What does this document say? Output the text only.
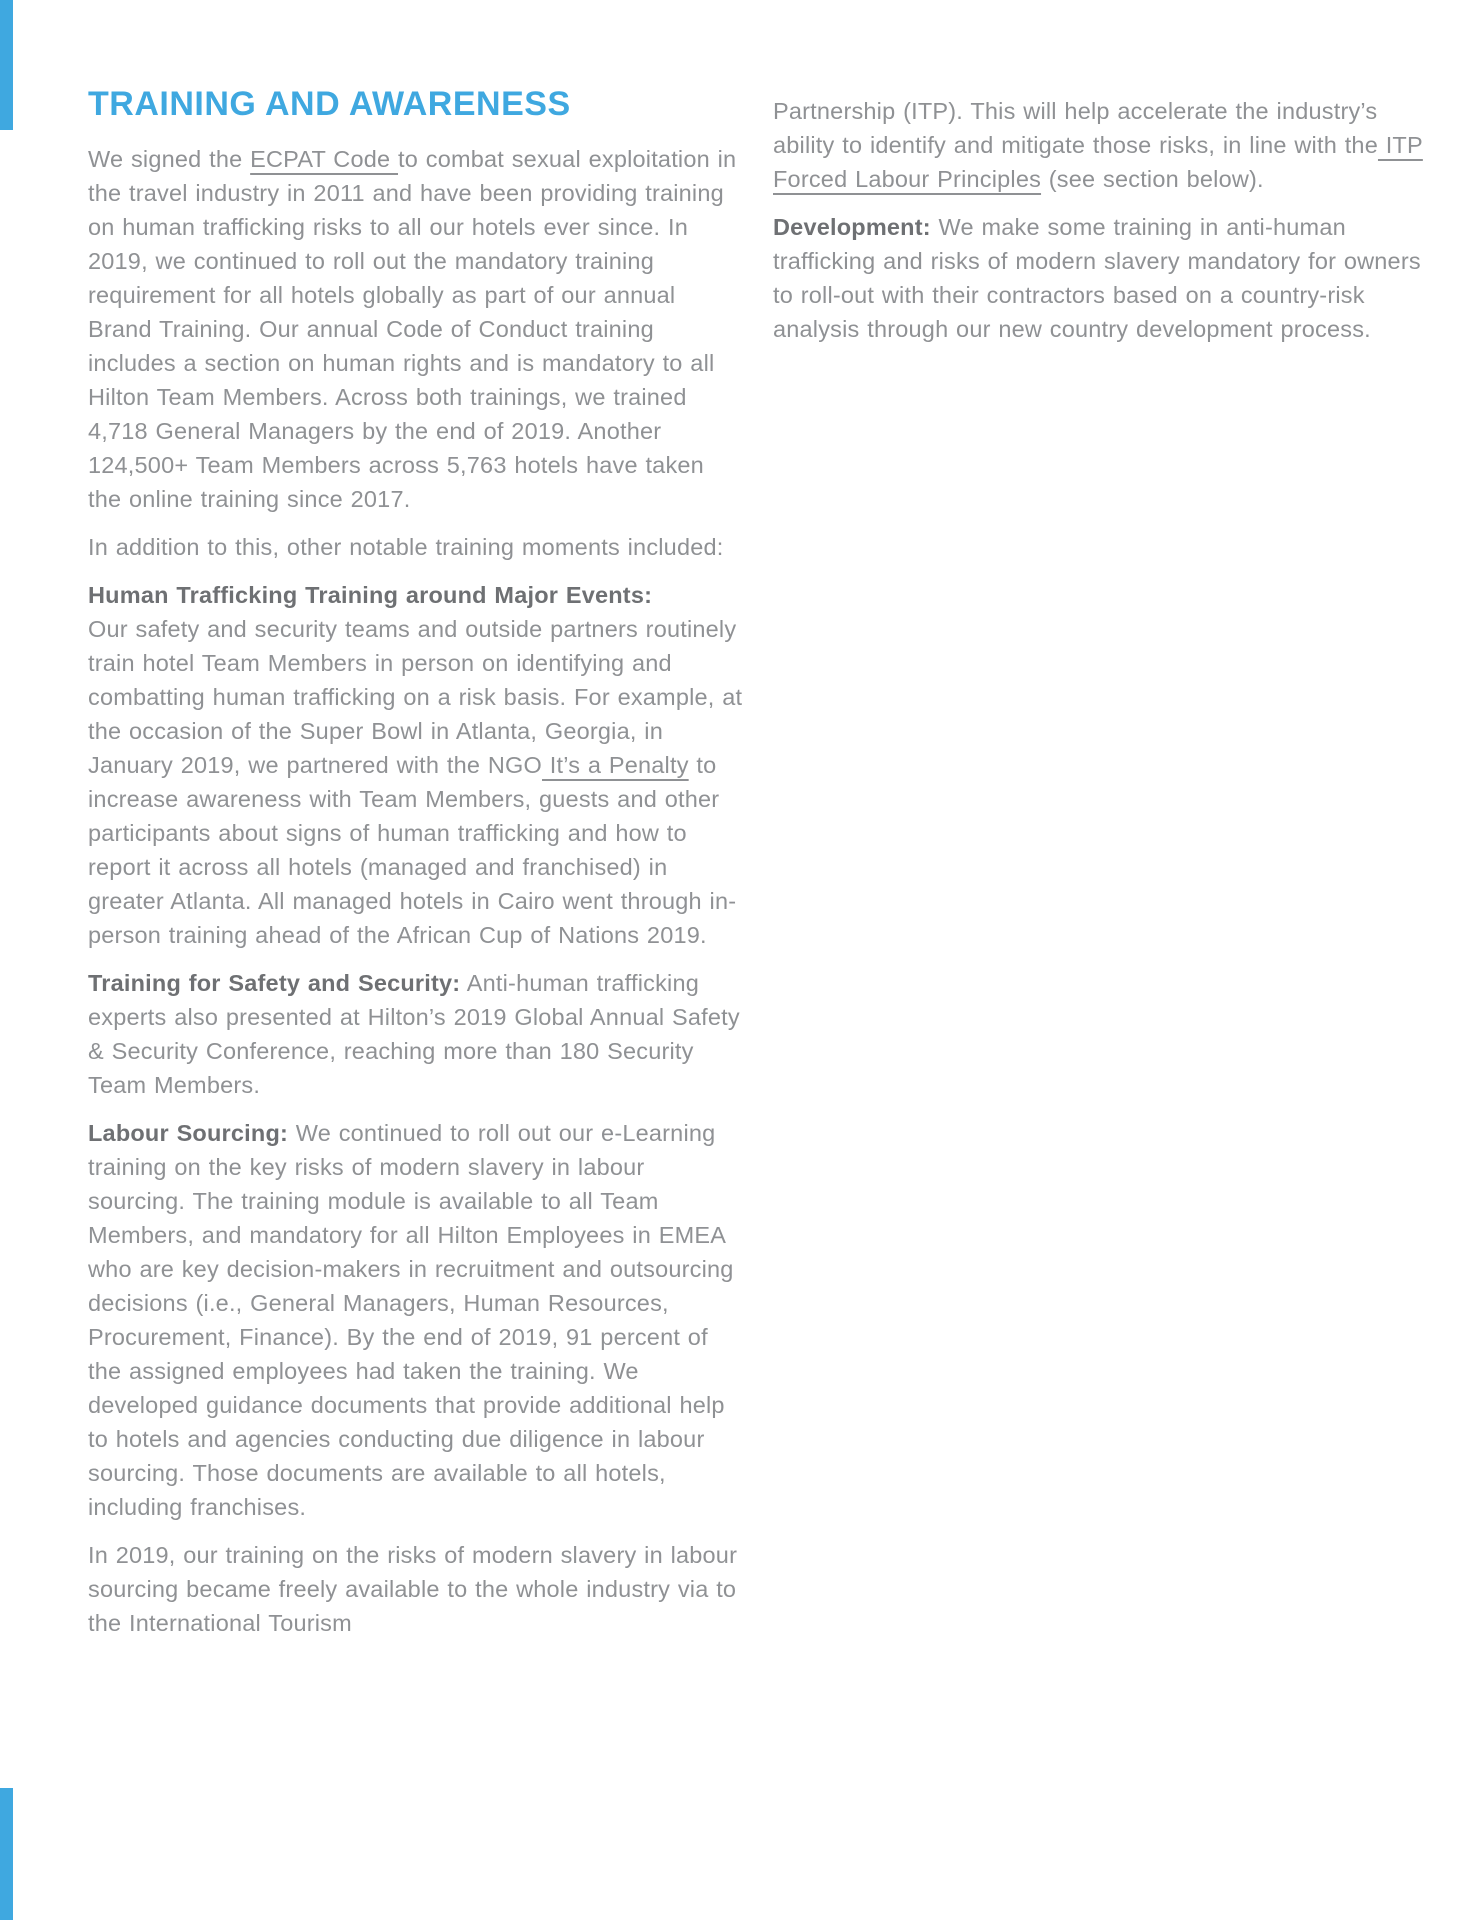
TRAINING AND AWARENESS

We signed the ECPAT Code to combat sexual exploitation in the travel industry in 2011 and have been providing training on human trafficking risks to all our hotels ever since. In 2019, we continued to roll out the mandatory training requirement for all hotels globally as part of our annual Brand Training. Our annual Code of Conduct training includes a section on human rights and is mandatory to all Hilton Team Members. Across both trainings, we trained 4,718 General Managers by the end of 2019. Another 124,500+ Team Members across 5,763 hotels have taken the online training since 2017.

In addition to this, other notable training moments included:

Human Trafficking Training around Major Events:
Our safety and security teams and outside partners routinely train hotel Team Members in person on identifying and combatting human trafficking on a risk basis. For example, at the occasion of the Super Bowl in Atlanta, Georgia, in January 2019, we partnered with the NGO It’s a Penalty to increase awareness with Team Members, guests and other participants about signs of human trafficking and how to report it across all hotels (managed and franchised) in greater Atlanta. All managed hotels in Cairo went through in-person training ahead of the African Cup of Nations 2019.

Training for Safety and Security: Anti-human trafficking experts also presented at Hilton’s 2019 Global Annual Safety & Security Conference, reaching more than 180 Security Team Members.

Labour Sourcing: We continued to roll out our e-Learning training on the key risks of modern slavery in labour sourcing. The training module is available to all Team Members, and mandatory for all Hilton Employees in EMEA who are key decision-makers in recruitment and outsourcing decisions (i.e., General Managers, Human Resources, Procurement, Finance). By the end of 2019, 91 percent of the assigned employees had taken the training. We developed guidance documents that provide additional help to hotels and agencies conducting due diligence in labour sourcing. Those documents are available to all hotels, including franchises.

In 2019, our training on the risks of modern slavery in labour sourcing became freely available to the whole industry via to the International Tourism

Partnership (ITP). This will help accelerate the industry’s ability to identify and mitigate those risks, in line with the ITP Forced Labour Principles (see section below).

Development: We make some training in anti-human trafficking and risks of modern slavery mandatory for owners to roll-out with their contractors based on a country-risk analysis through our new country development process.
